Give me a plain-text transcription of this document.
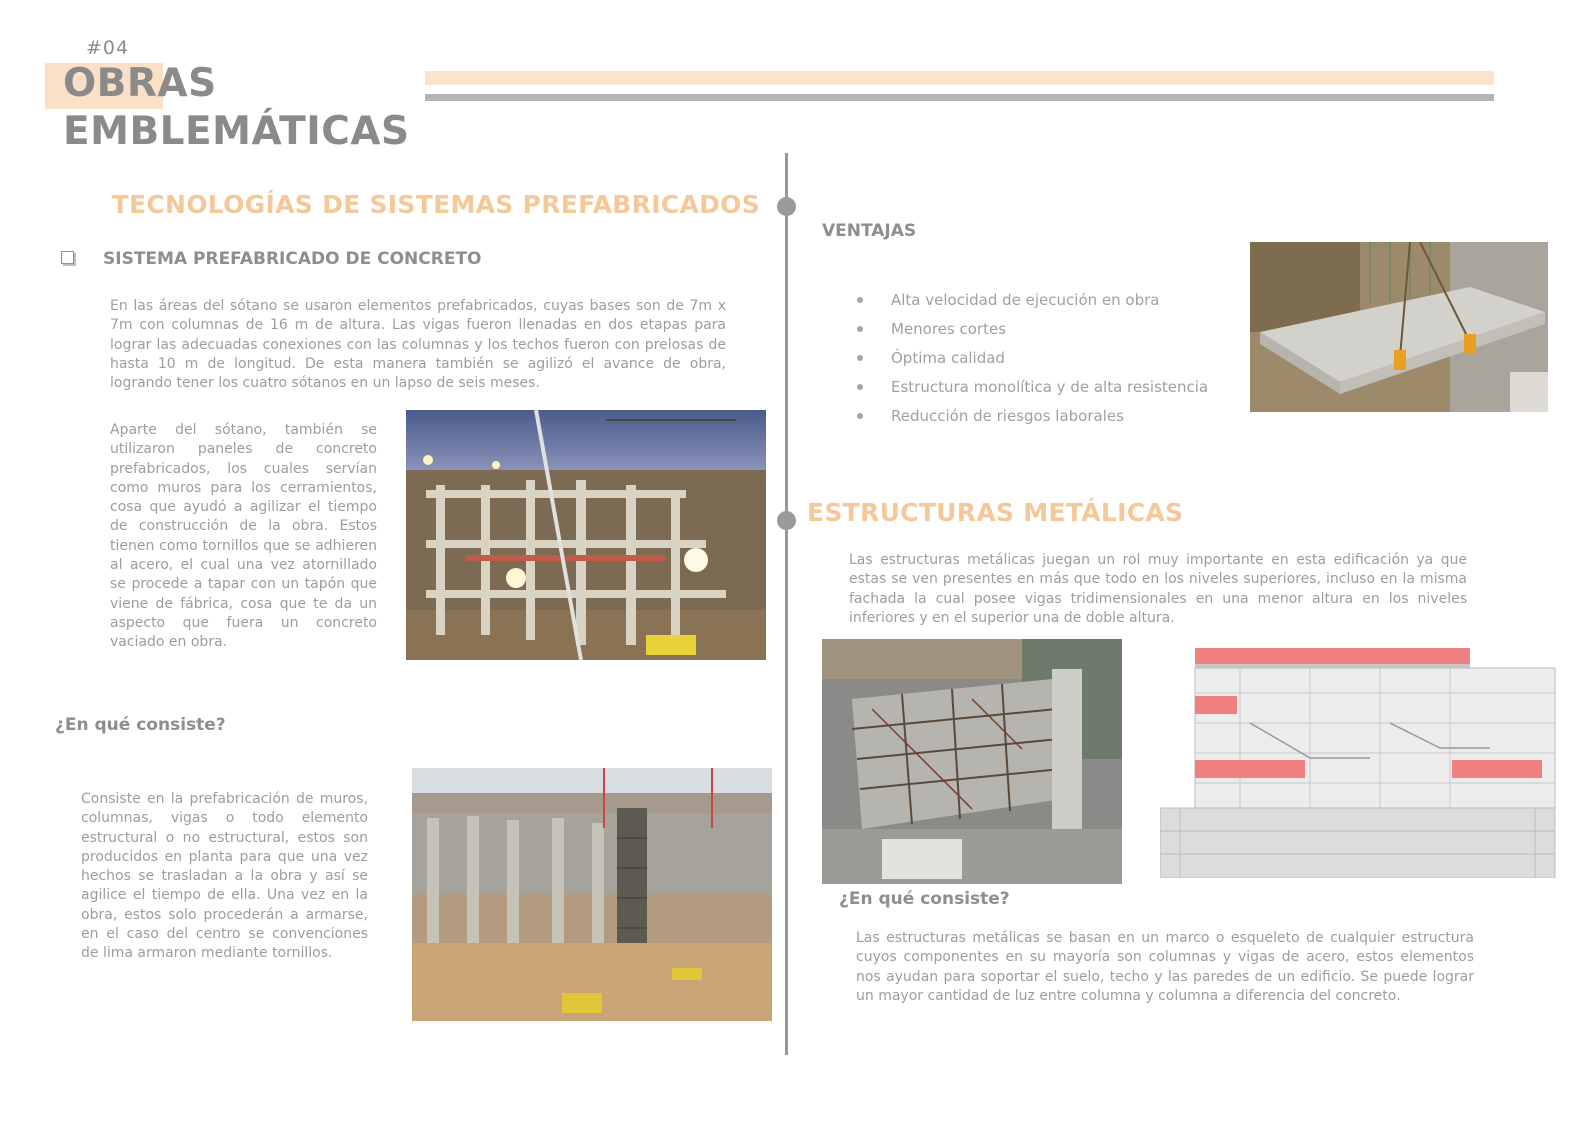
#04
OBRAS
EMBLEMÁTICAS
TECNOLOGÍAS DE SISTEMAS PREFABRICADOS
SISTEMA PREFABRICADO DE CONCRETO
En las áreas del sótano se usaron elementos prefabricados, cuyas bases son de 7m x 7m con columnas de 16 m de altura. Las vigas fueron llenadas en dos etapas para lograr las adecuadas conexiones con las columnas y los techos fueron con prelosas de hasta 10 m de longitud. De esta manera también se agilizó el avance de obra, logrando tener los cuatro sótanos en un lapso de seis meses.
Aparte del sótano, también se utilizaron paneles de concreto prefabricados, los cuales servían como muros para los cerramientos, cosa que ayudó a agilizar el tiempo de construcción de la obra. Estos tienen como tornillos que se adhieren al acero, el cual una vez atornillado se procede a tapar con un tapón que viene de fábrica, cosa que te da un aspecto que fuera un concreto vaciado en obra.
¿En qué consiste?
Consiste en la prefabricación de muros, columnas, vigas o todo elemento estructural o no estructural, estos son producidos en planta para que una vez hechos se trasladan a la obra y así se agilice el tiempo de ella. Una vez en la obra, estos solo procederán a armarse, en el caso del centro se convenciones de lima armaron mediante tornillos.
VENTAJAS
Alta velocidad de ejecución en obra
Menores cortes
Óptima calidad
Estructura monolítica y de alta resistencia
Reducción de riesgos laborales
ESTRUCTURAS METÁLICAS
Las estructuras metálicas juegan un rol muy importante en esta edificación ya que estas se ven presentes en más que todo en los niveles superiores, incluso en la misma fachada la cual posee vigas tridimensionales en una menor altura en los niveles inferiores y en el superior una de doble altura.
¿En qué consiste?
Las estructuras metálicas se basan en un marco o esqueleto de cualquier estructura cuyos componentes en su mayoría son columnas y vigas de acero, estos elementos nos ayudan para soportar el suelo, techo y las paredes de un edificio. Se puede lograr un mayor cantidad de luz entre columna y columna a diferencia del concreto.
